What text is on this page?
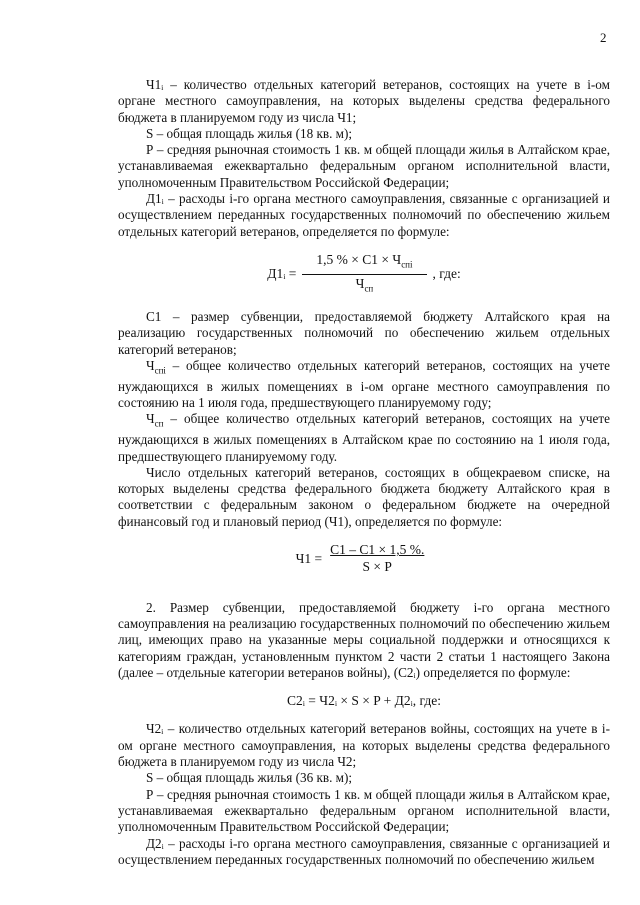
2

Ч1ᵢ – количество отдельных категорий ветеранов, состоящих на учете в i-ом органе местного самоуправления, на которых выделены средства федерального бюджета в планируемом году из числа Ч1;

S – общая площадь жилья (18 кв. м);

Р – средняя рыночная стоимость 1 кв. м общей площади жилья в Алтайском крае, устанавливаемая ежеквартально федеральным органом исполнительной власти, уполномоченным Правительством Российской Федерации;

Д1ᵢ – расходы i-го органа местного самоуправления, связанные с организацией и осуществлением переданных государственных полномочий по обеспечению жильем отдельных категорий ветеранов, определяется по формуле:

Д1ᵢ = $\frac{1,5 \% \times С1 \times Ч_{cпi}}{Ч_{сп}}$ , где:

С1 – размер субвенции, предоставляемой бюджету Алтайского края на реализацию государственных полномочий по обеспечению жильем отдельных категорий ветеранов;

$Ч_{cпi}$ – общее количество отдельных категорий ветеранов, состоящих на учете нуждающихся в жилых помещениях в i-ом органе местного самоуправления по состоянию на 1 июля года, предшествующего планируемому году;

$Ч_{сп}$ – общее количество отдельных категорий ветеранов, состоящих на учете нуждающихся в жилых помещениях в Алтайском крае по состоянию на 1 июля года, предшествующего планируемому году.

Число отдельных категорий ветеранов, состоящих в общекраевом списке, на которых выделены средства федерального бюджета бюджету Алтайского края в соответствии с федеральным законом о федеральном бюджете на очередной финансовый год и плановый период (Ч1), определяется по формуле:

$Ч1 = \frac{С1 - С1 \times 1,5 \%.}{S \times P}$

2. Размер субвенции, предоставляемой бюджету i-го органа местного самоуправления на реализацию государственных полномочий по обеспечению жильем лиц, имеющих право на указанные меры социальной поддержки и относящихся к категориям граждан, установленным пунктом 2 части 2 статьи 1 настоящего Закона (далее – отдельные категории ветеранов войны), (С2ᵢ) определяется по формуле:

С2ᵢ = Ч2ᵢ × S × P + Д2ᵢ, где:

Ч2ᵢ – количество отдельных категорий ветеранов войны, состоящих на учете в i-ом органе местного самоуправления, на которых выделены средства федерального бюджета в планируемом году из числа Ч2;

S – общая площадь жилья (36 кв. м);

Р – средняя рыночная стоимость 1 кв. м общей площади жилья в Алтайском крае, устанавливаемая ежеквартально федеральным органом исполнительной власти, уполномоченным Правительством Российской Федерации;

Д2ᵢ – расходы i-го органа местного самоуправления, связанные с организацией и осуществлением переданных государственных полномочий по обеспечению жильем
